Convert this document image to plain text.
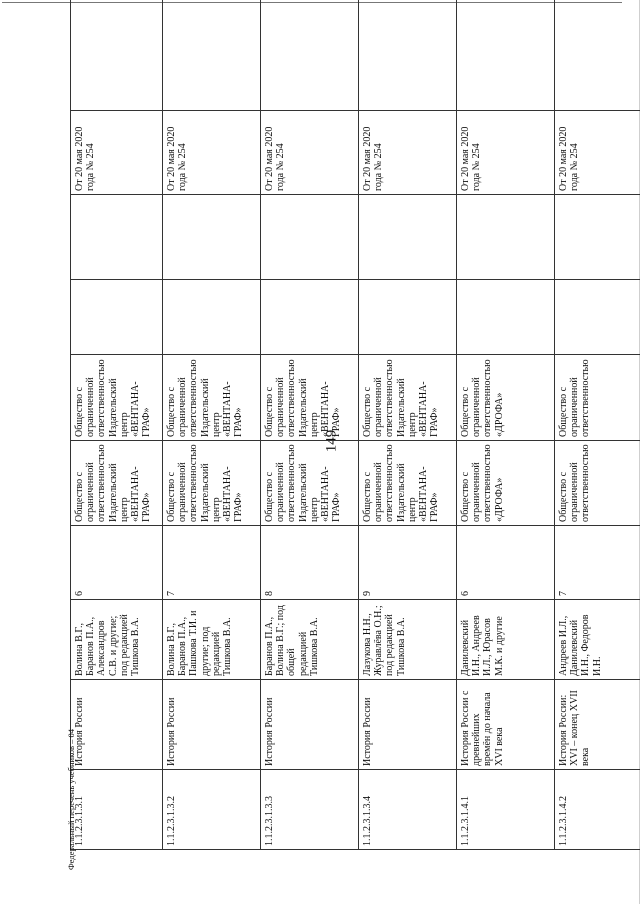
149
1.1.2.3.1.3.1	История России	Волина В.Г., Баранов П.А., Александров С.В. и другие; под редакцией Тишкова В.А.	6	Общество с ограниченной ответственностью Издательский центр «ВЕНТАНА-ГРАФ»	Общество с ограниченной ответственностью Издательский центр «ВЕНТАНА-ГРАФ»			От 20 мая 2020 года № 254	
1.1.2.3.1.3.2	История России	Волина В.Г., Баранов П.А., Пашкова Т.И. и другие; под редакцией Тишкова В.А.	7	Общество с ограниченной ответственностью Издательский центр «ВЕНТАНА-ГРАФ»	Общество с ограниченной ответственностью Издательский центр «ВЕНТАНА-ГРАФ»			От 20 мая 2020 года № 254	
1.1.2.3.1.3.3	История России	Баранов П.А., Волина В.Г.; под общей редакцией Тишкова В.А.	8	Общество с ограниченной ответственностью Издательский центр «ВЕНТАНА-ГРАФ»	Общество с ограниченной ответственностью Издательский центр «ВЕНТАНА-ГРАФ»			От 20 мая 2020 года № 254	
1.1.2.3.1.3.4	История России	Лазукова Н.Н., Журавлёва О.Н.; под редакцией Тишкова В.А.	9	Общество с ограниченной ответственностью Издательский центр «ВЕНТАНА-ГРАФ»	Общество с ограниченной ответственностью Издательский центр «ВЕНТАНА-ГРАФ»			От 20 мая 2020 года № 254	
1.1.2.3.1.4.1	История России с древнейших времён до начала XVI века	Данилевский И.Н., Андреев И.Л., Юрасов М.К. и другие	6	Общество с ограниченной ответственностью «ДРОФА»	Общество с ограниченной ответственностью «ДРОФА»			От 20 мая 2020 года № 254	
1.1.2.3.1.4.2	История России: XVI – конец XVII века	Андреев И.Л., Данилевский И.Н., Федоров И.Н.	7	Общество с ограниченной ответственностью	Общество с ограниченной ответственностью			От 20 мая 2020 года № 254	
Федеральный перечень учебников – 04
